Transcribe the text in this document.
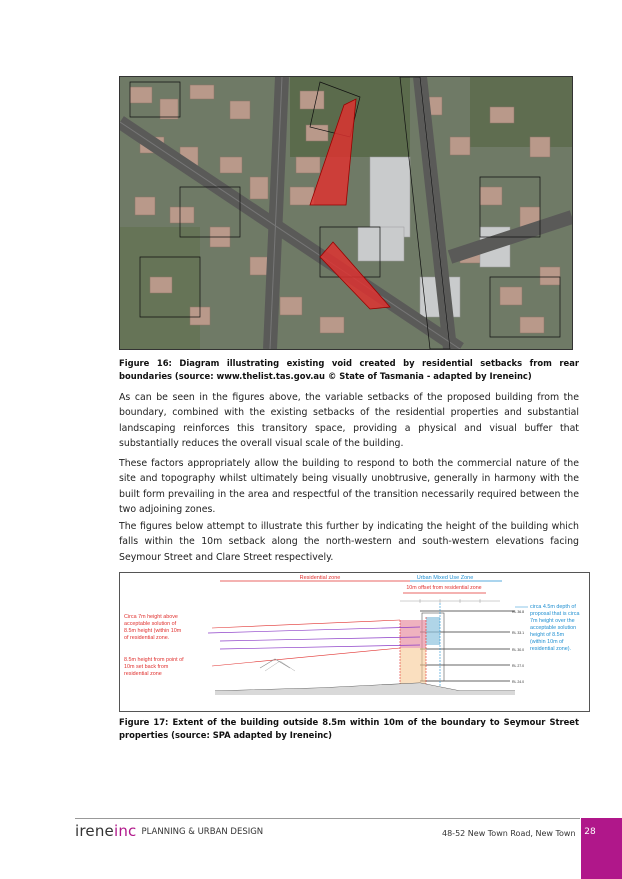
Figure 16: Diagram illustrating existing void created by residential setbacks from rear boundaries (source: www.thelist.tas.gov.au © State of Tasmania - adapted by Ireneinc)

As can be seen in the figures above, the variable setbacks of the proposed building from the boundary, combined with the existing setbacks of the residential properties and substantial landscaping reinforces this transitory space, providing a physical and visual buffer that substantially reduces the overall visual scale of the building.

These factors appropriately allow the building to respond to both the commercial nature of the site and topography whilst ultimately being visually unobtrusive, generally in harmony with the built form prevailing in the area and respectful of the transition necessarily required between the two adjoining zones.

The figures below attempt to illustrate this further by indicating the height of the building which falls within the 10m setback along the north-western and south-western elevations facing Seymour Street and Clare Street respectively.

Residential zone	Urban Mixed Use Zone
10m offset from residential zone
RL 36.8
RL 33.1
RL 30.0
RL 27.0
RL 24.0
Circa 7m height above acceptable solution of 8.5m height (within 10m of residential zone.
8.5m height from point of 10m set back from residential zone
circa 4.5m depth of proposal that is circa 7m height over the acceptable solution height of 8.5m (within 10m of residential zone).
Figure 17: Extent of the building outside 8.5m within 10m of the boundary to Seymour Street properties (source: SPA adapted by Ireneinc)
ireneinc PLANNING & URBAN DESIGN	48-52 New Town Road, New Town 28
